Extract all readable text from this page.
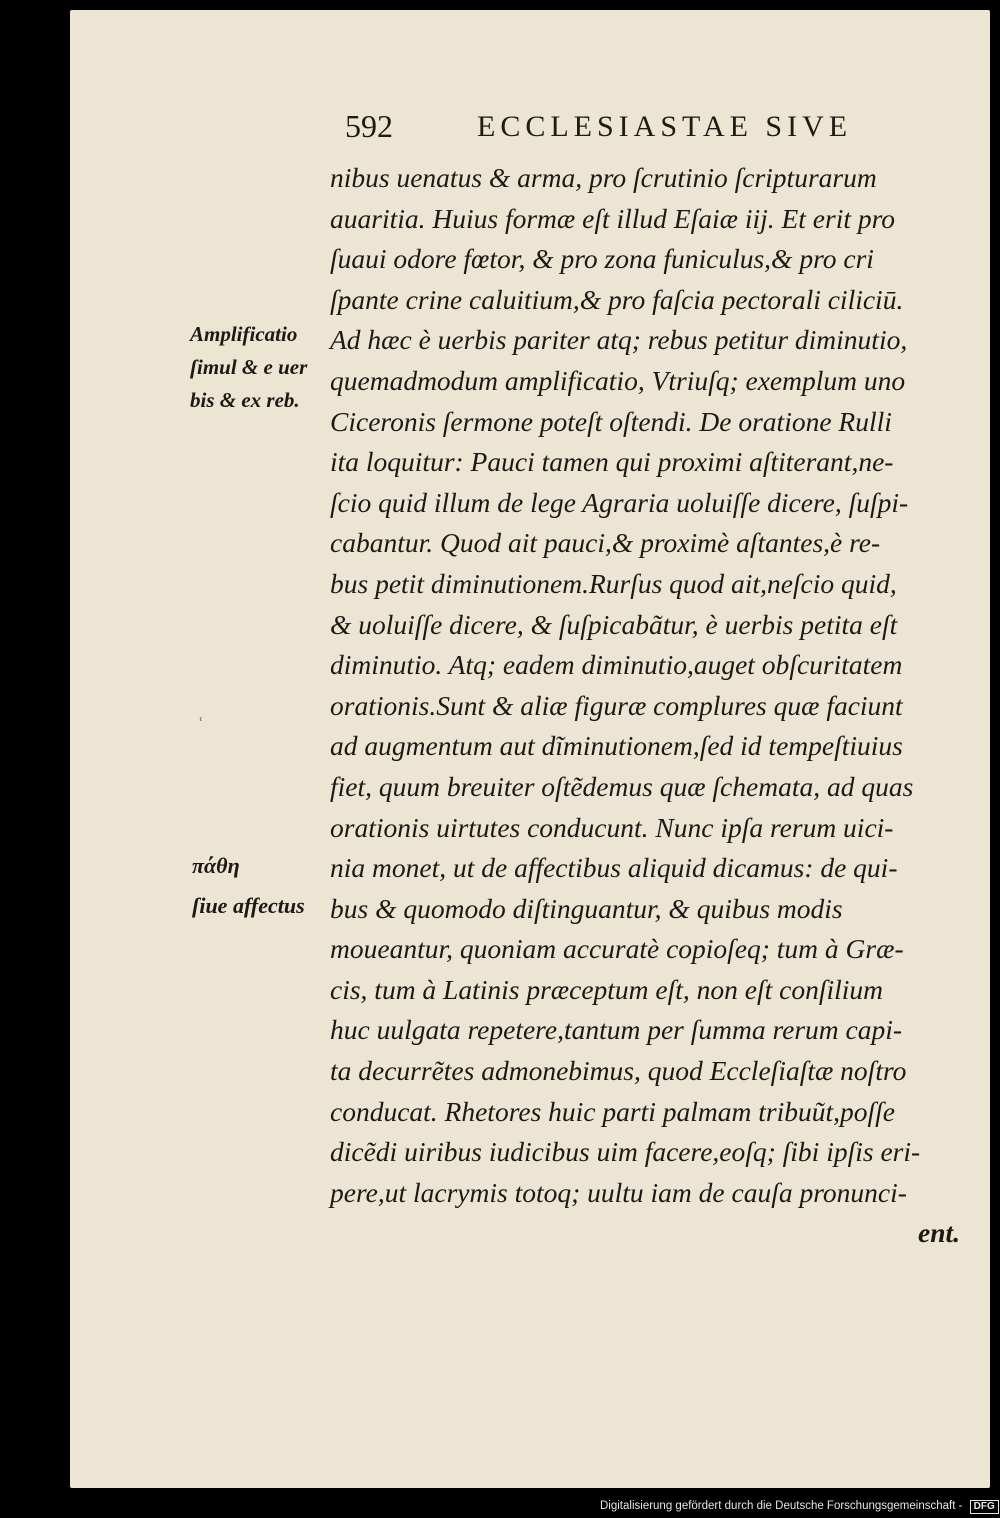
592	ECCLESIASTAE SIVE
Amplificatio
ſimul & e uer
bis & ex reb.
ʿ
πάθη
ſiue affectus
nibus uenatus & arma, pro ſcrutinio ſcripturarum
auaritia. Huius formæ eſt illud Eſaiæ iij. Et erit pro
ſuaui odore fœtor, & pro zona funiculus,& pro cri
ſpante crine caluitium,& pro faſcia pectorali ciliciū.
Ad hæc è uerbis pariter atq; rebus petitur diminutio,
quemadmodum amplificatio, Vtriuſq; exemplum uno
Ciceronis ſermone poteſt oſtendi. De oratione Rulli
ita loquitur: Pauci tamen qui proximi aſtiterant,ne-
ſcio quid illum de lege Agraria uoluiſſe dicere, ſuſpi-
cabantur. Quod ait pauci,& proximè aſtantes,è re-
bus petit diminutionem.Rurſus quod ait,neſcio quid,
& uoluiſſe dicere, & ſuſpicabãtur, è uerbis petita eſt
diminutio. Atq; eadem diminutio,auget obſcuritatem
orationis.Sunt & aliæ figuræ complures quæ faciunt
ad augmentum aut dĩminutionem,ſed id tempeſtiuius
fiet, quum breuiter oſtẽdemus quæ ſchemata, ad quas
orationis uirtutes conducunt. Nunc ipſa rerum uici-
nia monet, ut de affectibus aliquid dicamus: de qui-
bus & quomodo diſtinguantur, & quibus modis
moueantur, quoniam accuratè copioſeq; tum à Græ-
cis, tum à Latinis præceptum eſt, non eſt conſilium
huc uulgata repetere,tantum per ſumma rerum capi-
ta decurrẽtes admonebimus, quod Eccleſiaſtæ noſtro
conducat. Rhetores huic parti palmam tribuũt,poſſe
dicẽdi uiribus iudicibus uim facere,eoſq; ſibi ipſis eri-
pere,ut lacrymis totoq; uultu iam de cauſa pronunci-
ent.
Digitalisierung gefördert durch die Deutsche Forschungsgemeinschaft - DFG
